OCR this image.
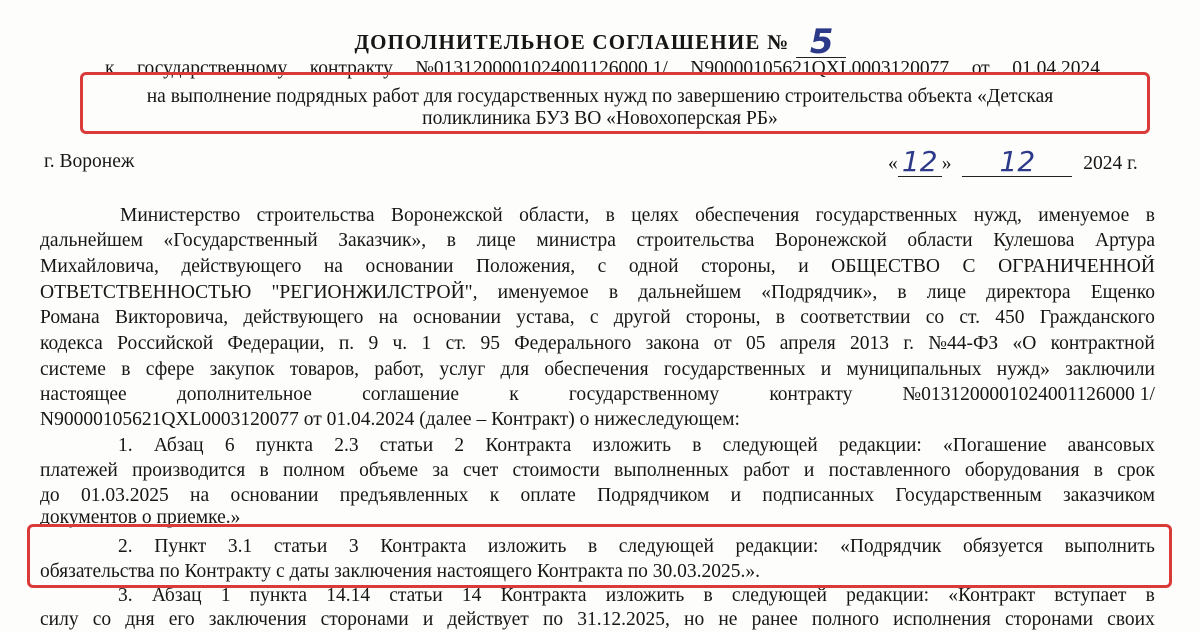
ДОПОЛНИТЕЛЬНОЕ СОГЛАШЕНИЕ № 5
к государственному контракту №0131200001024001126000 1/ N90000105621QXL0003120077 от 01.04.2024
на выполнение подрядных работ для государственных нужд по завершению строительства объекта «Детская
поликлиника БУЗ ВО «Новохоперская РБ»
г. Воронеж	« 12 » 12 2024 г.
Министерство строительства Воронежской области, в целях обеспечения государственных нужд, именуемое в
дальнейшем «Государственный Заказчик», в лице министра строительства Воронежской области Кулешова Артура
Михайловича, действующего на основании Положения, с одной стороны, и ОБЩЕСТВО С ОГРАНИЧЕННОЙ
ОТВЕТСТВЕННОСТЬЮ "РЕГИОНЖИЛСТРОЙ", именуемое в дальнейшем «Подрядчик», в лице директора Ещенко
Романа Викторовича, действующего на основании устава, с другой стороны, в соответствии со ст. 450 Гражданского
кодекса Российской Федерации, п. 9 ч. 1 ст. 95 Федерального закона от 05 апреля 2013 г. №44-ФЗ «О контрактной
системе в сфере закупок товаров, работ, услуг для обеспечения государственных и муниципальных нужд» заключили
настоящее	дополнительное	соглашение	к	государственному	контракту	№0131200001024001126000 1/
N90000105621QXL0003120077 от 01.04.2024 (далее – Контракт) о нижеследующем:
1. Абзац 6 пункта 2.3 статьи 2 Контракта изложить в следующей редакции: «Погашение авансовых
платежей производится в полном объеме за счет стоимости выполненных работ и поставленного оборудования в срок
до 01.03.2025 на основании предъявленных к оплате Подрядчиком и подписанных Государственным заказчиком
документов о приемке.»
2. Пункт 3.1 статьи 3 Контракта изложить в следующей редакции: «Подрядчик обязуется выполнить
обязательства по Контракту с даты заключения настоящего Контракта по 30.03.2025.».
3. Абзац 1 пункта 14.14 статьи 14 Контракта изложить в следующей редакции: «Контракт вступает в
силу со дня его заключения сторонами и действует по 31.12.2025, но не ранее полного исполнения сторонами своих
